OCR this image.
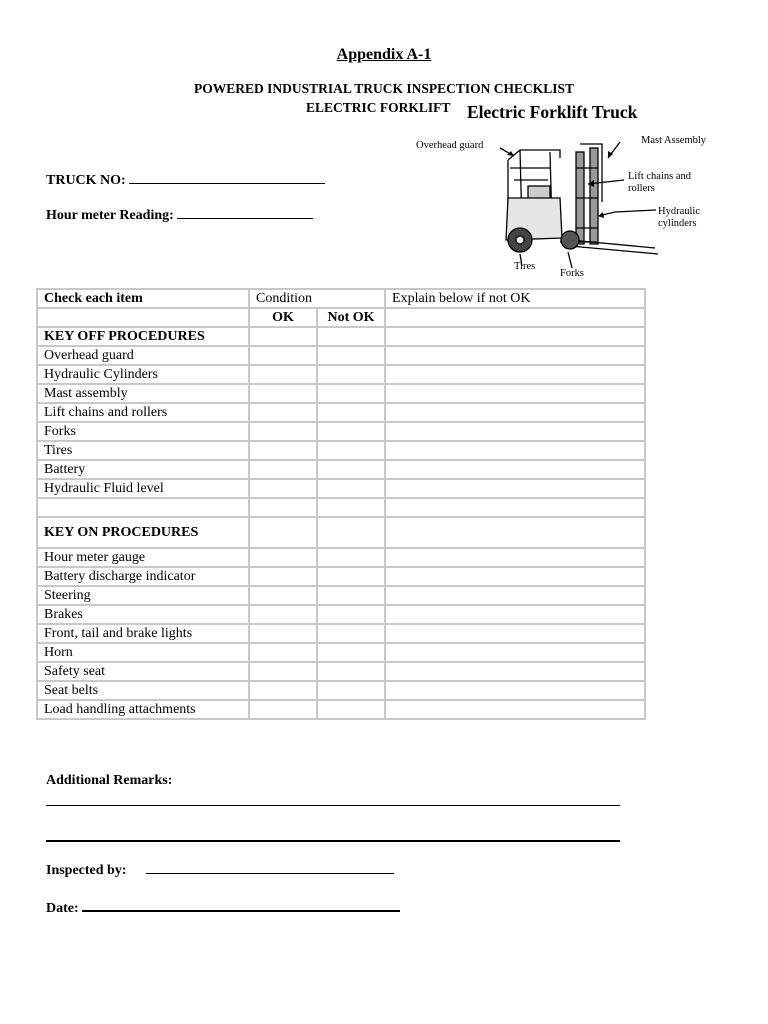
Appendix A-1
POWERED INDUSTRIAL TRUCK INSPECTION CHECKLIST
ELECTRIC FORKLIFT Electric Forklift Truck
Overhead guard	Mast Assembly
Lift chains and
rollers
Hydraulic
cylinders
Tires
Forks
TRUCK NO:
Hour meter Reading:
Check each item	Condition		Explain below if not OK
	OK	Not OK	
KEY OFF PROCEDURES			
Overhead guard			
Hydraulic Cylinders			
Mast assembly			
Lift chains and rollers			
Forks			
Tires			
Battery			
Hydraulic Fluid level			

KEY ON PROCEDURES			
Hour meter gauge			
Battery discharge indicator			
Steering			
Brakes			
Front, tail and brake lights			
Horn			
Safety seat			
Seat belts			
Load handling attachments			
Additional Remarks:
Inspected by:
Date:
